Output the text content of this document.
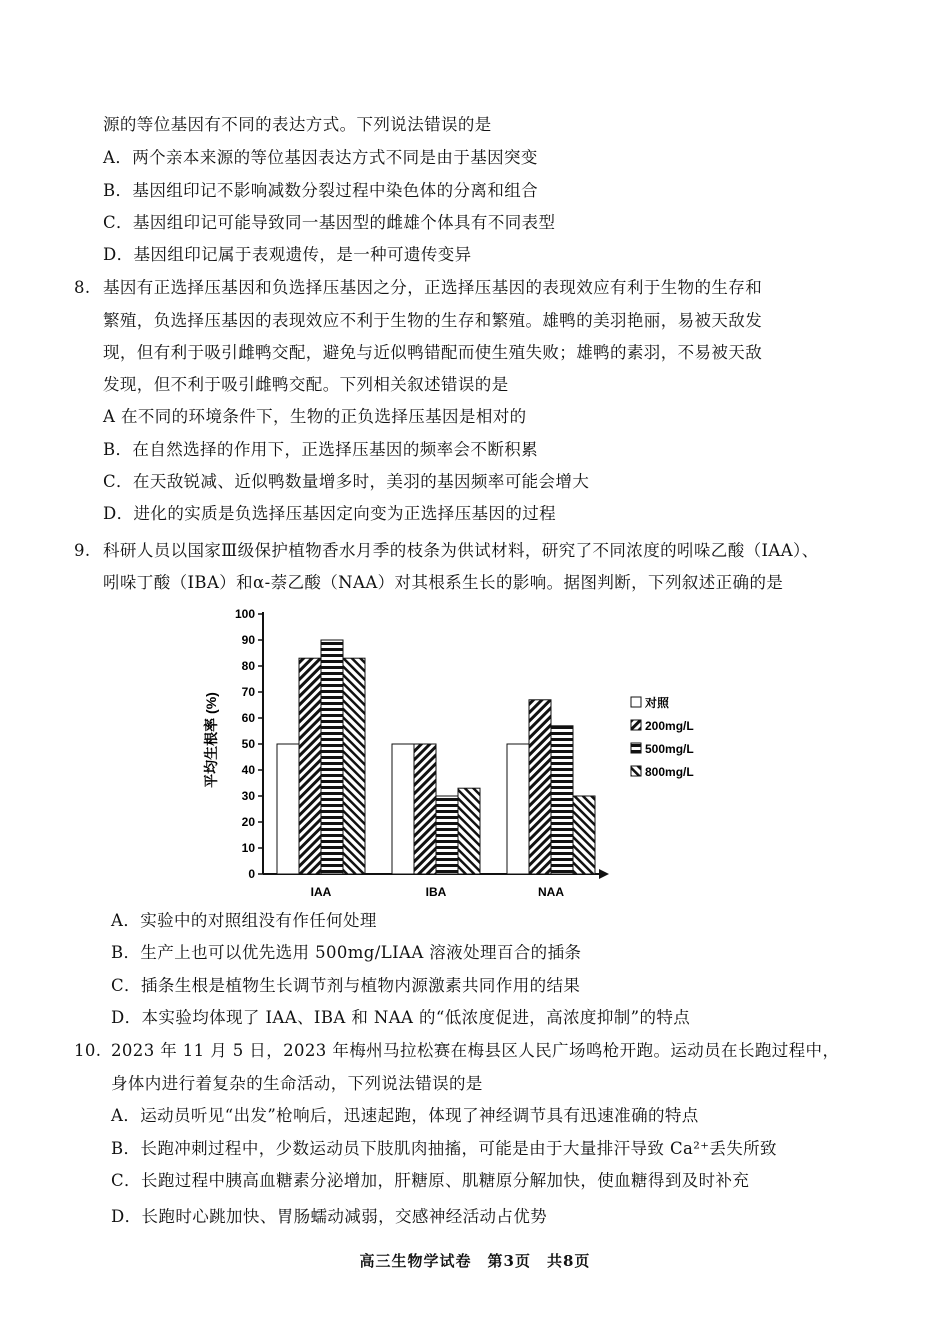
源的等位基因有不同的表达方式。下列说法错误的是
A．两个亲本来源的等位基因表达方式不同是由于基因突变
B．基因组印记不影响减数分裂过程中染色体的分离和组合
C．基因组印记可能导致同一基因型的雌雄个体具有不同表型
D．基因组印记属于表观遗传，是一种可遗传变异
8. 基因有正选择压基因和负选择压基因之分，正选择压基因的表现效应有利于生物的生存和
繁殖，负选择压基因的表现效应不利于生物的生存和繁殖。雄鸭的美羽艳丽，易被天敌发
现，但有利于吸引雌鸭交配，避免与近似鸭错配而使生殖失败；雄鸭的素羽，不易被天敌
发现，但不利于吸引雌鸭交配。下列相关叙述错误的是
A 在不同的环境条件下，生物的正负选择压基因是相对的
B．在自然选择的作用下，正选择压基因的频率会不断积累
C．在天敌锐减、近似鸭数量增多时，美羽的基因频率可能会增大
D．进化的实质是负选择压基因定向变为正选择压基因的过程
9. 科研人员以国家Ⅲ级保护植物香水月季的枝条为供试材料，研究了不同浓度的吲哚乙酸（IAA）、
吲哚丁酸（IBA）和α-萘乙酸（NAA）对其根系生长的影响。据图判断，下列叙述正确的是
0
10
20
30
40
50
60
70
80
90
100
IAA	IBA	NAA
对照
200mg/L
500mg/L
800mg/L
平均生根率 (%)
A．实验中的对照组没有作任何处理
B．生产上也可以优先选用 500mg/LIAA 溶液处理百合的插条
C．插条生根是植物生长调节剂与植物内源激素共同作用的结果
D．本实验均体现了 IAA、IBA 和 NAA 的“低浓度促进，高浓度抑制”的特点
10. 2023 年 11 月 5 日，2023 年梅州马拉松赛在梅县区人民广场鸣枪开跑。运动员在长跑过程中，
身体内进行着复杂的生命活动，下列说法错误的是
A．运动员听见“出发”枪响后，迅速起跑，体现了神经调节具有迅速准确的特点
B．长跑冲刺过程中，少数运动员下肢肌肉抽搐，可能是由于大量排汗导致 Ca²⁺丢失所致
C．长跑过程中胰高血糖素分泌增加，肝糖原、肌糖原分解加快，使血糖得到及时补充
D．长跑时心跳加快、胃肠蠕动减弱，交感神经活动占优势
高三生物学试卷　第3页　共8页
